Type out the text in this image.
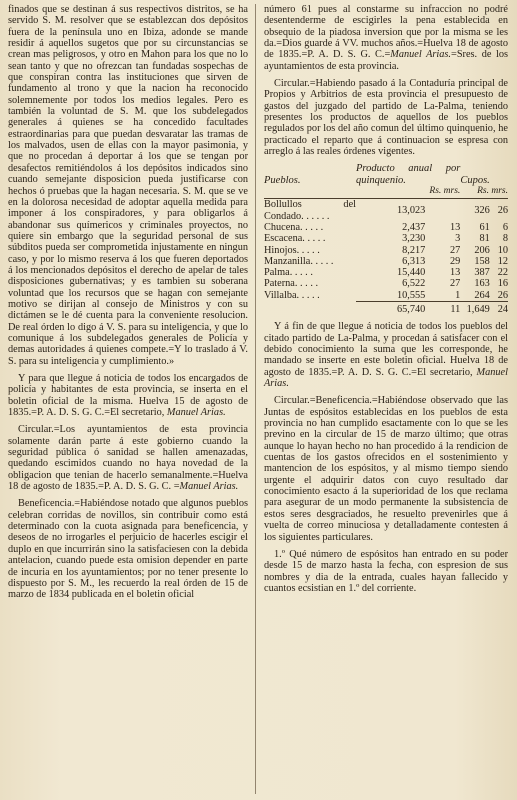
finados que se destinan á sus respectivos distritos, se ha servido S. M. resolver que se establezcan dos depósitos fuera de la península uno en Ibiza, adonde se mande residir á aquellos sugetos que por su circunstancias se crean mas peligrosos, y otro en Mahon para los que no lo sean tanto y que no ofrezcan tan fundadas sospechas de que conspiran contra las instituciones que sirven de fundamento al trono y que la nacion ha reconocido solemnemente por todos los medios legales. Pero es también la voluntad de S. M. que los subdelegados generales á quienes se ha concedido facultades estraordinarias para que puedan desvaratar las tramas de los malvados, usen de ellas con la mayor pasimonia, y que no procedan á deportar á los que se tengan por desafectos remitiéndolos á los depósitos indicados sino cuando semejante disposicion pueda justificarse con hechos ó pruebas que la hagan necesaria. S. M. que se ve en la dolorosa necesidad de adoptar aquella medida para imponer á los conspiradores, y para obligarlos á abandonar sus químericos y criminales proyectos, no quiere sin embargo que la seguridad personal de sus súbditos pueda ser comprometida injustamente en ningun caso, y por lo mismo reserva á los que fueren deportados á los mencionados depósitos el derecho de apelar de tales disposiciones gubernativas; y es tambien su soberana voluntad que los recursos que se hagan con semejante motivo se dirijan al consejo de Ministros y con su dictámen se le dé cuenta para la conveniente resolucion. De real órden lo digo á V. S. para su inteligencia, y que lo comunique á los subdelegados generales de Policía y demas autoridades á quienes compete.=Y lo traslado á V. S. para su inteligencia y cumplimiento.»

Y para que llegue á noticia de todos los encargados de policía y habitantes de esta provincia, se inserta en el boletin oficial de la misma. Huelva 15 de agosto de 1835.=P. A. D. S. G. C.=El secretario, Manuel Arias.

Circular.=Los ayuntamientos de esta provincia solamente darán parte á este gobierno cuando la seguridad pública ó sanidad se hallen amenazadas, quedando escimidos cuando no haya novedad de la obligacion que tenian de hacerlo semanalmente.=Huelva 18 de agosto de 1835.=P. A. D. S. G. C. =Manuel Arias.

Beneficencia.=Habiéndose notado que algunos pueblos celebran corridas de novillos, sin contribuir como está determinado con la cuota asignada para beneficencia, y deseos de no irrogarles el perjuicio de hacerles escigir el duplo en que incurrirán sino la satisfaciesen con la debida antelacion, cuando puede esta omision depender en parte de incuria en los ayuntamientos; por no tener presente lo dispuesto por S. M., les recuerdo la real órden de 15 de marzo de 1834 publicada en el boletin oficial

número 61 pues al constarme su infraccion no podré desentenderme de escigirles la pena establecida en obsequio de la piadosa inversion que por la misma se les da.=Dios guarde á VV. muchos años.=Huelva 18 de agosto de 1835.=P. A. D. S. G. C.=Manuel Arias.=Sres. de los ayuntamientos de esta provincia.

Circular.=Habiendo pasado á la Contaduría principal de Propios y Arbitrios de esta provincia el presupuesto de gastos del juzgado del partido de La-Palma, teniendo presentes los productos de aquellos de los pueblos regulados por los del año comun del último quinquenio, he practicado el reparto que á continuacion se espresa con arreglo á las reales órdenes vigentes.

Pueblos.	Producto anual por quinquenio.		Cupos.	
	Rs. mrs.		Rs. mrs.	
Bollullos del Condado. . . . . .	13,023		326	26
Chucena. . . . .	2,437	13	61	6
Escacena. . . . .	3,230	3	81	8
Hinojos. . . . .	8,217	27	206	10
Manzanilla. . . . .	6,313	29	158	12
Palma. . . . .	15,440	13	387	22
Paterna. . . . .	6,522	27	163	16
Villalba. . . . .	10,555	1	264	26
	65,740	11	1,649	24

Y á fin de que llegue á noticia de todos los pueblos del citado partido de La-Palma, y procedan á satisfacer con el debido conocimiento la suma que les corresponde, he mandado se inserte en este boletin oficial. Huelva 18 de agosto de 1835.=P. A. D. S. G. C.=El secretario, Manuel Arias.

Circular.=Beneficencia.=Habiéndose observado que las Juntas de espósitos establecidas en los pueblos de esta provincia no han cumplido esactamente con lo que se les previno en la circular de 15 de marzo último; que otras aunque lo hayan hecho no han procedido á la rendicion de cuentas de los gastos ofrecidos en el sostenimiento y mantencion de los espósitos, y al mismo tiempo siendo urgente el adquirir datos con cuyo resultado dar conocimiento esacto á la superioridad de los que reclama para asegurar de un modo permanente la subsistencia de estos seres desgraciados, he resuelto prevenirles que á vuelta de correo minuciosa y detalladamente contesten á los siguientes particulares.

1.º Qué número de espósitos han entrado en su poder desde 15 de marzo hasta la fecha, con espresion de sus nombres y dia de la entrada, cuales hayan fallecido y cuantos ecsistian en 1.º del corriente.
